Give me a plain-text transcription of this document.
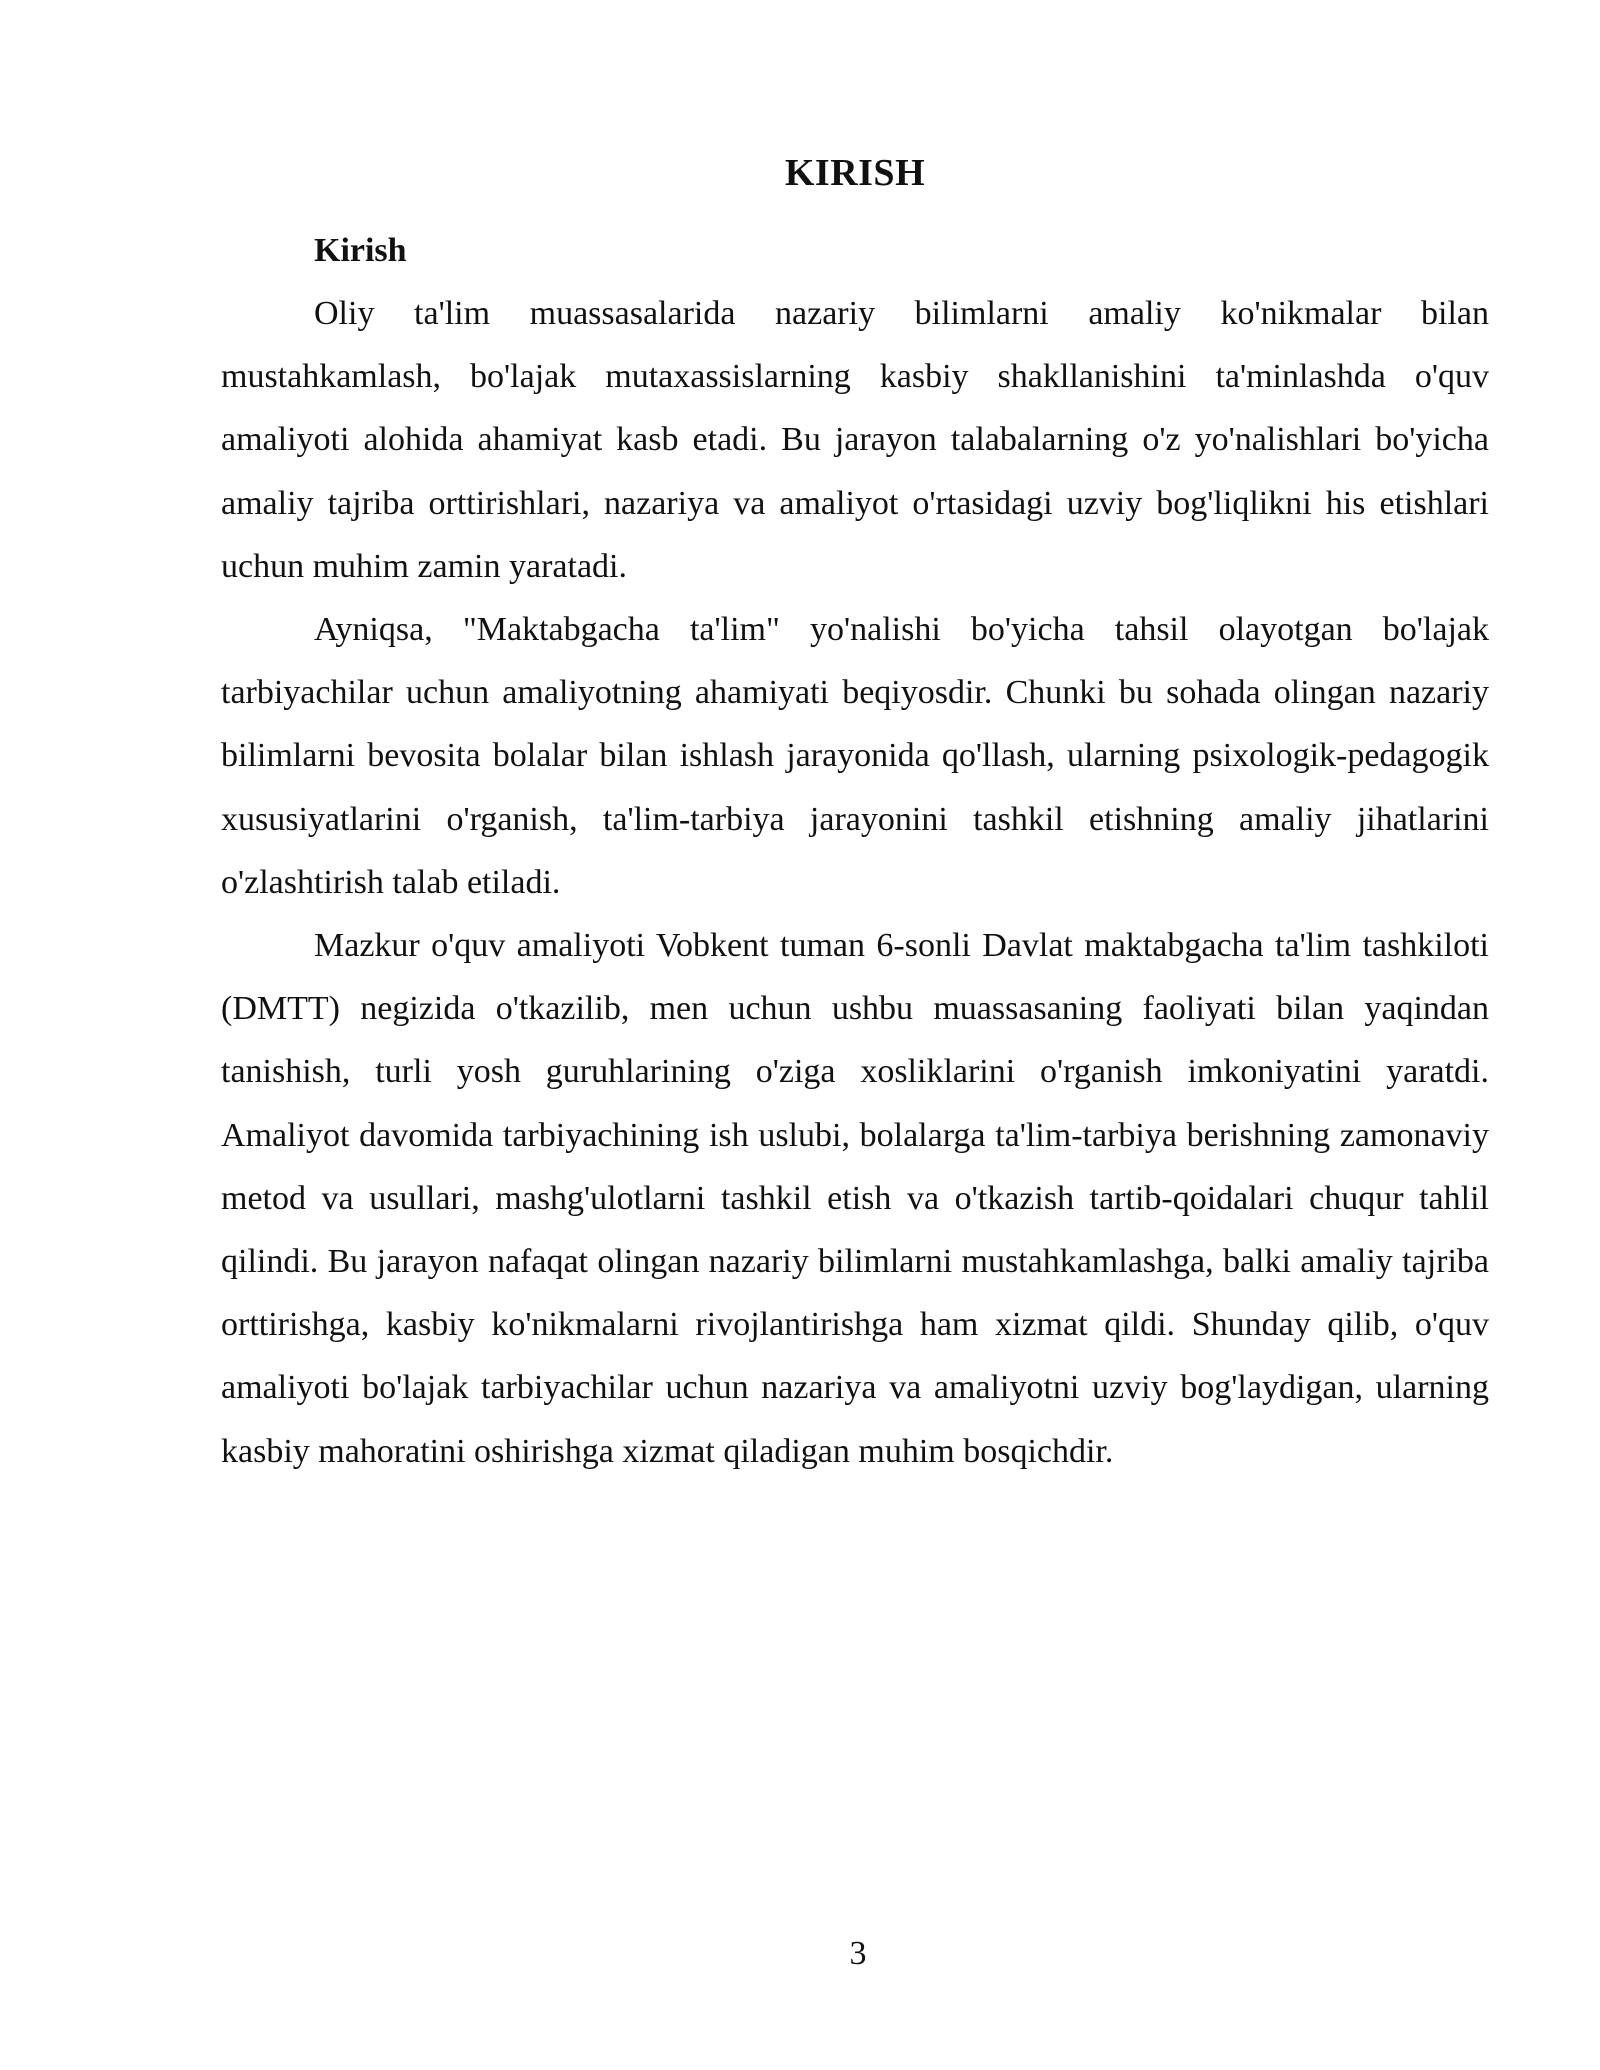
KIRISH
Kirish

Oliy ta'lim muassasalarida nazariy bilimlarni amaliy ko'nikmalar bilan mustahkamlash, bo'lajak mutaxassislarning kasbiy shakllanishini ta'minlashda o'quv amaliyoti alohida ahamiyat kasb etadi. Bu jarayon talabalarning o'z yo'nalishlari bo'yicha amaliy tajriba orttirishlari, nazariya va amaliyot o'rtasidagi uzviy bog'liqlikni his etishlari uchun muhim zamin yaratadi.

Ayniqsa, "Maktabgacha ta'lim" yo'nalishi bo'yicha tahsil olayotgan bo'lajak tarbiyachilar uchun amaliyotning ahamiyati beqiyosdir. Chunki bu sohada olingan nazariy bilimlarni bevosita bolalar bilan ishlash jarayonida qo'llash, ularning psixologik-pedagogik xususiyatlarini o'rganish, ta'lim-tarbiya jarayonini tashkil etishning amaliy jihatlarini o'zlashtirish talab etiladi.

Mazkur o'quv amaliyoti Vobkent tuman 6-sonli Davlat maktabgacha ta'lim tashkiloti (DMTT) negizida o'tkazilib, men uchun ushbu muassasaning faoliyati bilan yaqindan tanishish, turli yosh guruhlarining o'ziga xosliklarini o'rganish imkoniyatini yaratdi. Amaliyot davomida tarbiyachining ish uslubi, bolalarga ta'lim-tarbiya berishning zamonaviy metod va usullari, mashg'ulotlarni tashkil etish va o'tkazish tartib-qoidalari chuqur tahlil qilindi. Bu jarayon nafaqat olingan nazariy bilimlarni mustahkamlashga, balki amaliy tajriba orttirishga, kasbiy ko'nikmalarni rivojlantirishga ham xizmat qildi. Shunday qilib, o'quv amaliyoti bo'lajak tarbiyachilar uchun nazariya va amaliyotni uzviy bog'laydigan, ularning kasbiy mahoratini oshirishga xizmat qiladigan muhim bosqichdir.

3
